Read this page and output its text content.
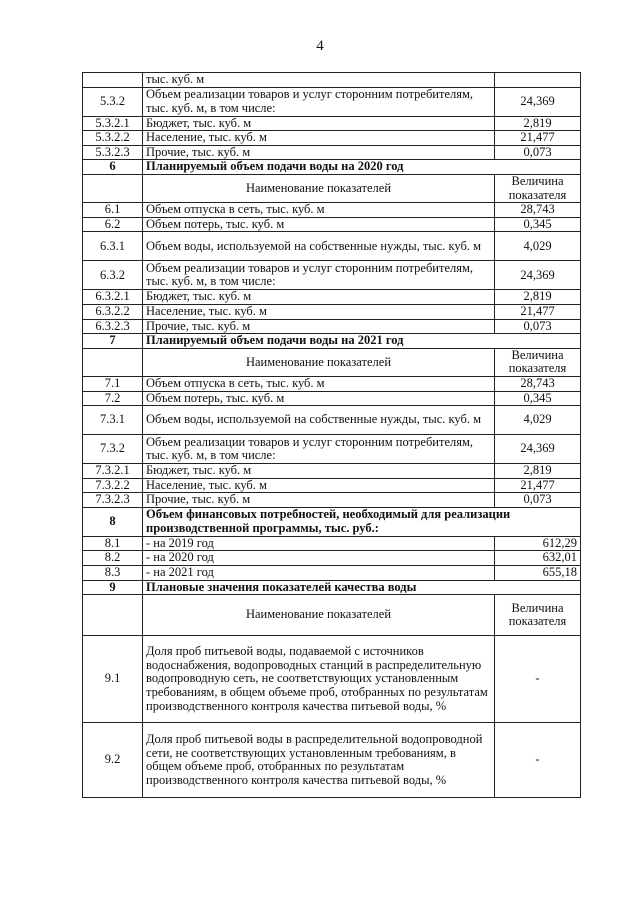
4
	тыс. куб. м	
5.3.2	Объем реализации товаров и услуг сторонним потребителям, тыс. куб. м, в том числе:	24,369
5.3.2.1	Бюджет, тыс. куб. м	2,819
5.3.2.2	Население, тыс. куб. м	21,477
5.3.2.3	Прочие, тыс. куб. м	0,073
6	Планируемый объем подачи воды на 2020 год	
	Наименование показателей	Величина показателя
6.1	Объем отпуска в сеть, тыс. куб. м	28,743
6.2	Объем потерь, тыс. куб. м	0,345
6.3.1	Объем воды, используемой на собственные нужды, тыс. куб. м	4,029
6.3.2	Объем реализации товаров и услуг сторонним потребителям, тыс. куб. м, в том числе:	24,369
6.3.2.1	Бюджет, тыс. куб. м	2,819
6.3.2.2	Население, тыс. куб. м	21,477
6.3.2.3	Прочие, тыс. куб. м	0,073
7	Планируемый объем подачи воды на 2021 год	
	Наименование показателей	Величина показателя
7.1	Объем отпуска в сеть, тыс. куб. м	28,743
7.2	Объем потерь, тыс. куб. м	0,345
7.3.1	Объем воды, используемой на собственные нужды, тыс. куб. м	4,029
7.3.2	Объем реализации товаров и услуг сторонним потребителям, тыс. куб. м, в том числе:	24,369
7.3.2.1	Бюджет, тыс. куб. м	2,819
7.3.2.2	Население, тыс. куб. м	21,477
7.3.2.3	Прочие, тыс. куб. м	0,073
8	Объем финансовых потребностей, необходимый для реализации производственной программы, тыс. руб.:	
8.1	- на 2019 год	612,29
8.2	- на 2020 год	632,01
8.3	- на 2021 год	655,18
9	Плановые значения показателей качества воды	
	Наименование показателей	Величина показателя
9.1	Доля проб питьевой воды, подаваемой с источников водоснабжения, водопроводных станций в распределительную водопроводную сеть, не соответствующих установленным требованиям, в общем объеме проб, отобранных по результатам производственного контроля качества питьевой воды, %	-
9.2	Доля проб питьевой воды в распределительной водопроводной сети, не соответствующих установленным требованиям, в общем объеме проб, отобранных по результатам производственного контроля качества питьевой воды, %	-
